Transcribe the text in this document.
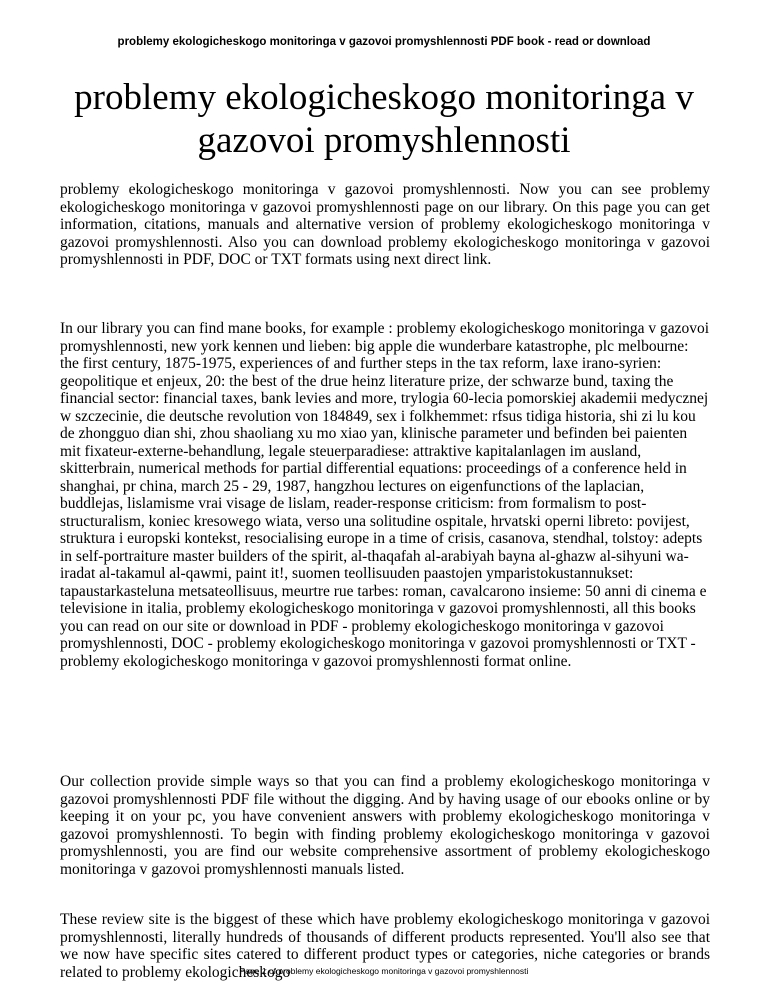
problemy ekologicheskogo monitoringa v gazovoi promyshlennosti PDF book - read or download
problemy ekologicheskogo monitoringa v gazovoi promyshlennosti

problemy ekologicheskogo monitoringa v gazovoi promyshlennosti. Now you can see problemy ekologicheskogo monitoringa v gazovoi promyshlennosti page on our library. On this page you can get information, citations, manuals and alternative version of problemy ekologicheskogo monitoringa v gazovoi promyshlennosti. Also you can download problemy ekologicheskogo monitoringa v gazovoi promyshlennosti in PDF, DOC or TXT formats using next direct link.

In our library you can find mane books, for example : problemy ekologicheskogo monitoringa v gazovoi promyshlennosti, new york kennen und lieben: big apple die wunderbare katastrophe, plc melbourne: the first century, 1875-1975, experiences of and further steps in the tax reform, laxe irano-syrien: geopolitique et enjeux, 20: the best of the drue heinz literature prize, der schwarze bund, taxing the financial sector: financial taxes, bank levies and more, trylogia 60-lecia pomorskiej akademii medycznej w szczecinie, die deutsche revolution von 184849, sex i folkhemmet: rfsus tidiga historia, shi zi lu kou de zhongguo dian shi, zhou shaoliang xu mo xiao yan, klinische parameter und befinden bei paienten mit fixateur-externe-behandlung, legale steuerparadiese: attraktive kapitalanlagen im ausland, skitterbrain, numerical methods for partial differential equations: proceedings of a conference held in shanghai, pr china, march 25 - 29, 1987, hangzhou lectures on eigenfunctions of the laplacian, buddlejas, lislamisme vrai visage de lislam, reader-response criticism: from formalism to post-structuralism, koniec kresowego wiata, verso una solitudine ospitale, hrvatski operni libreto: povijest, struktura i europski kontekst, resocialising europe in a time of crisis, casanova, stendhal, tolstoy: adepts in self-portraiture master builders of the spirit, al-thaqafah al-arabiyah bayna al-ghazw al-sihyuni wa-iradat al-takamul al-qawmi, paint it!, suomen teollisuuden paastojen ymparistokustannukset: tapaustarkasteluna metsateollisuus, meurtre rue tarbes: roman, cavalcarono insieme: 50 anni di cinema e televisione in italia, problemy ekologicheskogo monitoringa v gazovoi promyshlennosti, all this books you can read on our site or download in PDF - problemy ekologicheskogo monitoringa v gazovoi promyshlennosti, DOC - problemy ekologicheskogo monitoringa v gazovoi promyshlennosti or TXT - problemy ekologicheskogo monitoringa v gazovoi promyshlennosti format online.

Our collection provide simple ways so that you can find a problemy ekologicheskogo monitoringa v gazovoi promyshlennosti PDF file without the digging. And by having usage of our ebooks online or by keeping it on your pc, you have convenient answers with problemy ekologicheskogo monitoringa v gazovoi promyshlennosti. To begin with finding problemy ekologicheskogo monitoringa v gazovoi promyshlennosti, you are find our website comprehensive assortment of problemy ekologicheskogo monitoringa v gazovoi promyshlennosti manuals listed.

These review site is the biggest of these which have problemy ekologicheskogo monitoringa v gazovoi promyshlennosti, literally hundreds of thousands of different products represented. You'll also see that we now have specific sites catered to different product types or categories, niche categories or brands related to problemy ekologicheskogo

Page 1 of problemy ekologicheskogo monitoringa v gazovoi promyshlennosti
